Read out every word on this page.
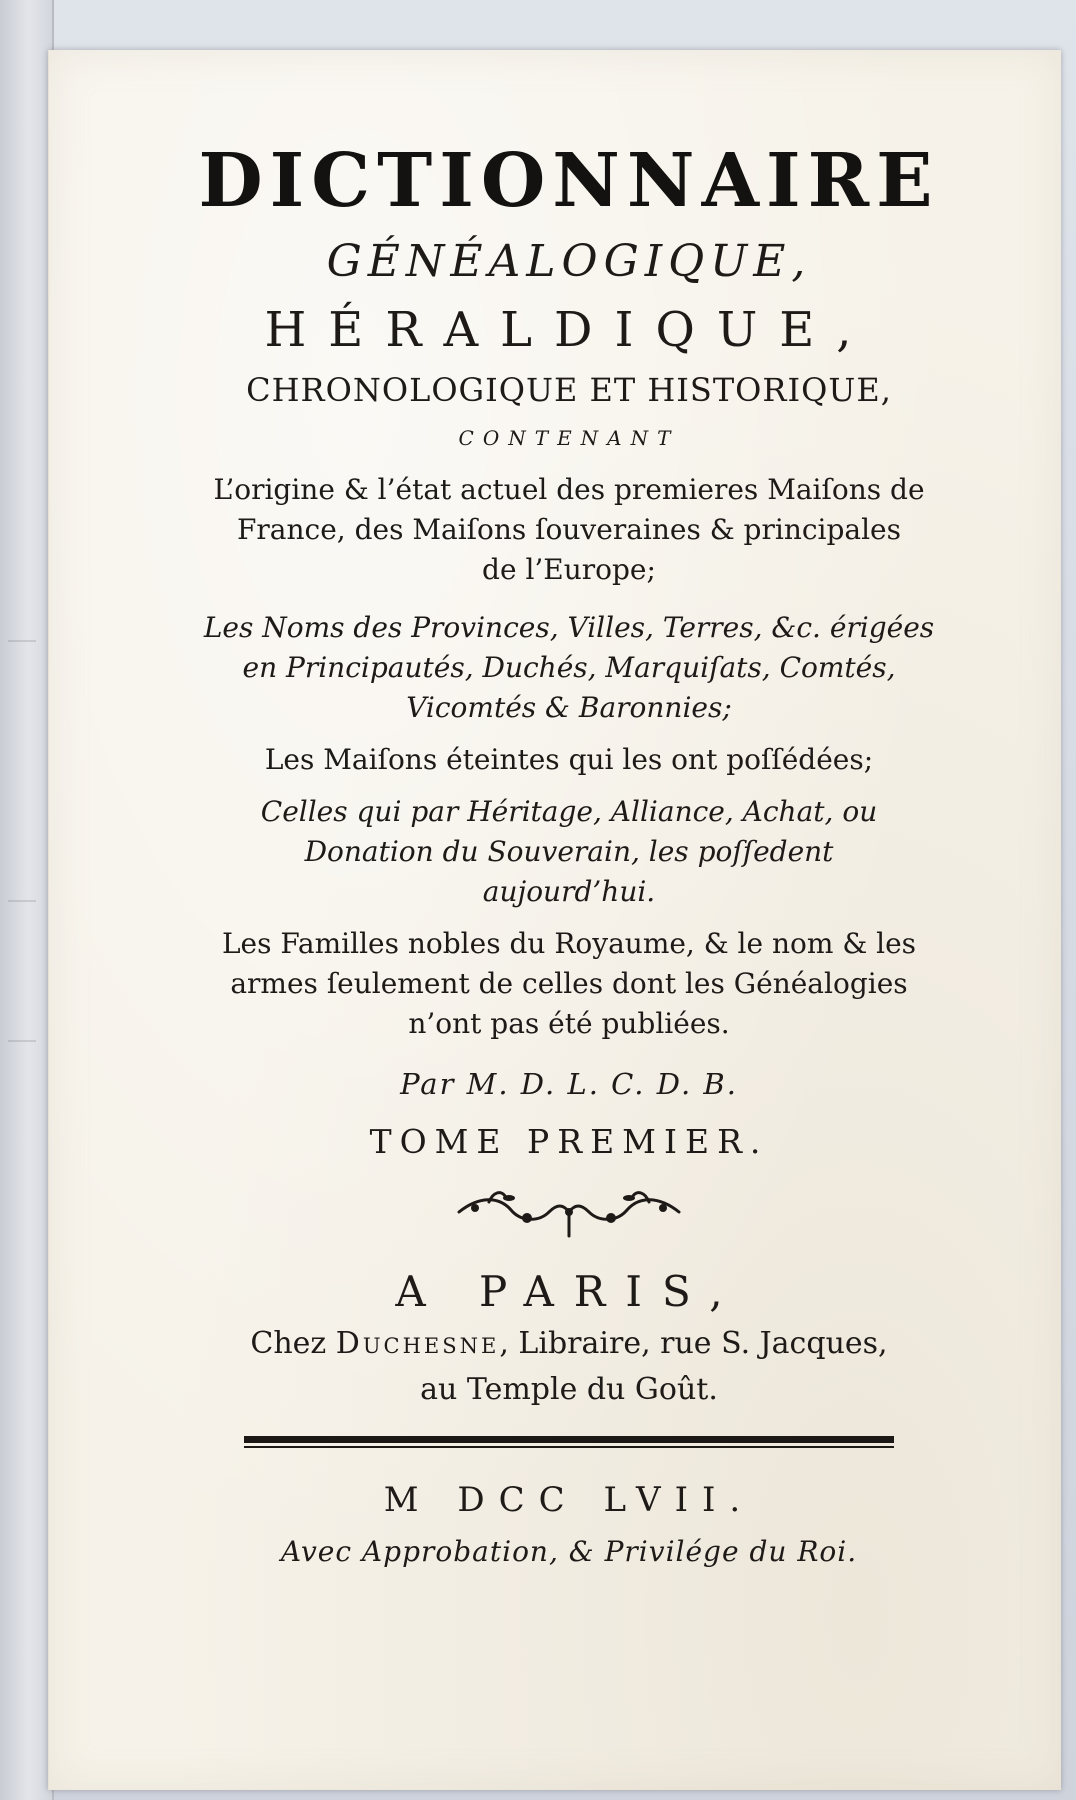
DICTIONNAIRE
GÉNÉALOGIQUE,
HÉRALDIQUE,
CHRONOLOGIQUE ET HISTORIQUE,
CONTENANT
L’origine & l’état actuel des premieres Maiſons de
France, des Maiſons ſouveraines & principales
de l’Europe;
Les Noms des Provinces, Villes, Terres, &c. érigées
en Principautés, Duchés, Marquiſats, Comtés,
Vicomtés & Baronnies;
Les Maiſons éteintes qui les ont poſſédées;
Celles qui par Héritage, Alliance, Achat, ou
Donation du Souverain, les poſſedent
aujourd’hui.
Les Familles nobles du Royaume, & le nom & les
armes ſeulement de celles dont les Généalogies
n’ont pas été publiées.
Par M. D. L. C. D. B.
TOME PREMIER.
A PARIS,
Chez Duchesne, Libraire, rue S. Jacques,
au Temple du Goût.
M DCC LVII.
Avec Approbation, & Privilége du Roi.
